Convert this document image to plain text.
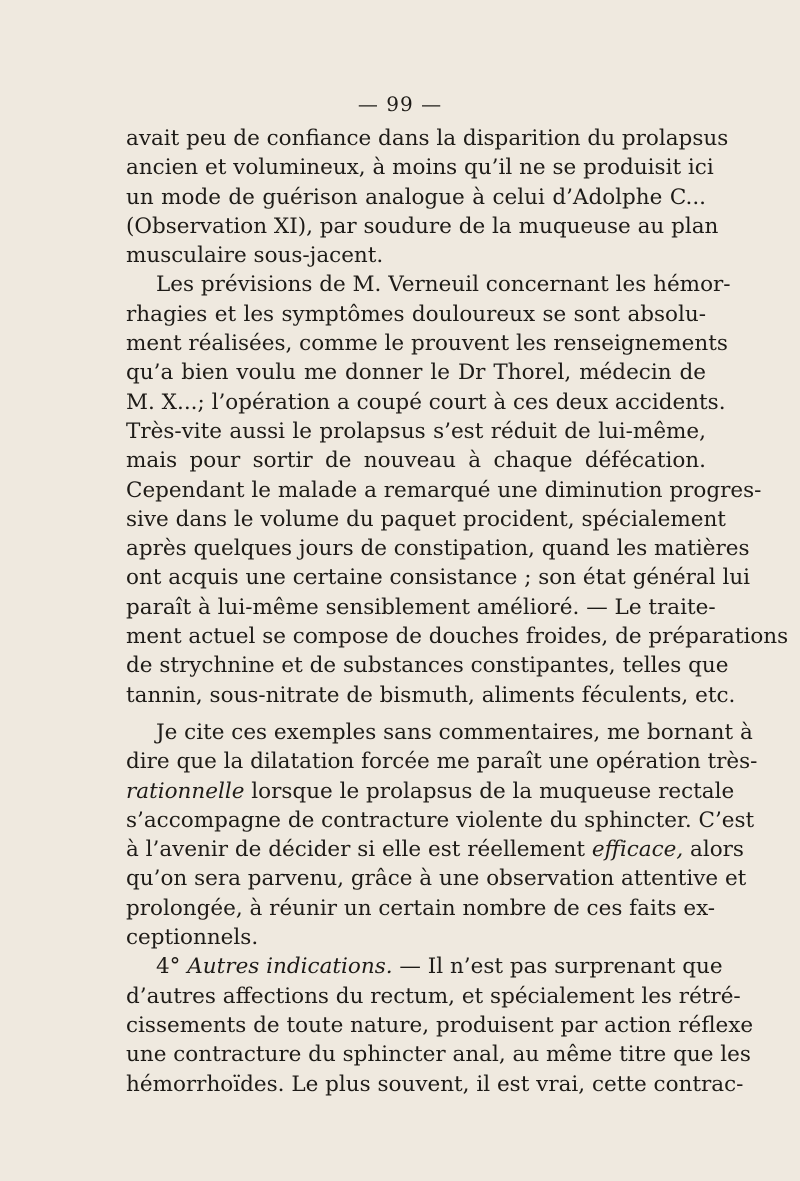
— 99 —

avait peu de confiance dans la disparition du prolapsus
ancien et volumineux, à moins qu’il ne se produisit ici
un mode de guérison analogue à celui d’Adolphe C...
(Observation XI), par soudure de la muqueuse au plan
musculaire sous-jacent.

Les prévisions de M. Verneuil concernant les hémor-
rhagies et les symptômes douloureux se sont absolu-
ment réalisées, comme le prouvent les renseignements
qu’a bien voulu me donner le Dr Thorel, médecin de
M. X...; l’opération a coupé court à ces deux accidents.
Très-vite aussi le prolapsus s’est réduit de lui-même,
mais pour sortir de nouveau à chaque défécation.
Cependant le malade a remarqué une diminution progres-
sive dans le volume du paquet procident, spécialement
après quelques jours de constipation, quand les matières
ont acquis une certaine consistance ; son état général lui
paraît à lui-même sensiblement amélioré. — Le traite-
ment actuel se compose de douches froides, de préparations
de strychnine et de substances constipantes, telles que
tannin, sous-nitrate de bismuth, aliments féculents, etc.

Je cite ces exemples sans commentaires, me bornant à
dire que la dilatation forcée me paraît une opération très-
rationnelle lorsque le prolapsus de la muqueuse rectale
s’accompagne de contracture violente du sphincter. C’est
à l’avenir de décider si elle est réellement efficace, alors
qu’on sera parvenu, grâce à une observation attentive et
prolongée, à réunir un certain nombre de ces faits ex-
ceptionnels.

4° Autres indications. — Il n’est pas surprenant que
d’autres affections du rectum, et spécialement les rétré-
cissements de toute nature, produisent par action réflexe
une contracture du sphincter anal, au même titre que les
hémorrhoïdes. Le plus souvent, il est vrai, cette contrac-
